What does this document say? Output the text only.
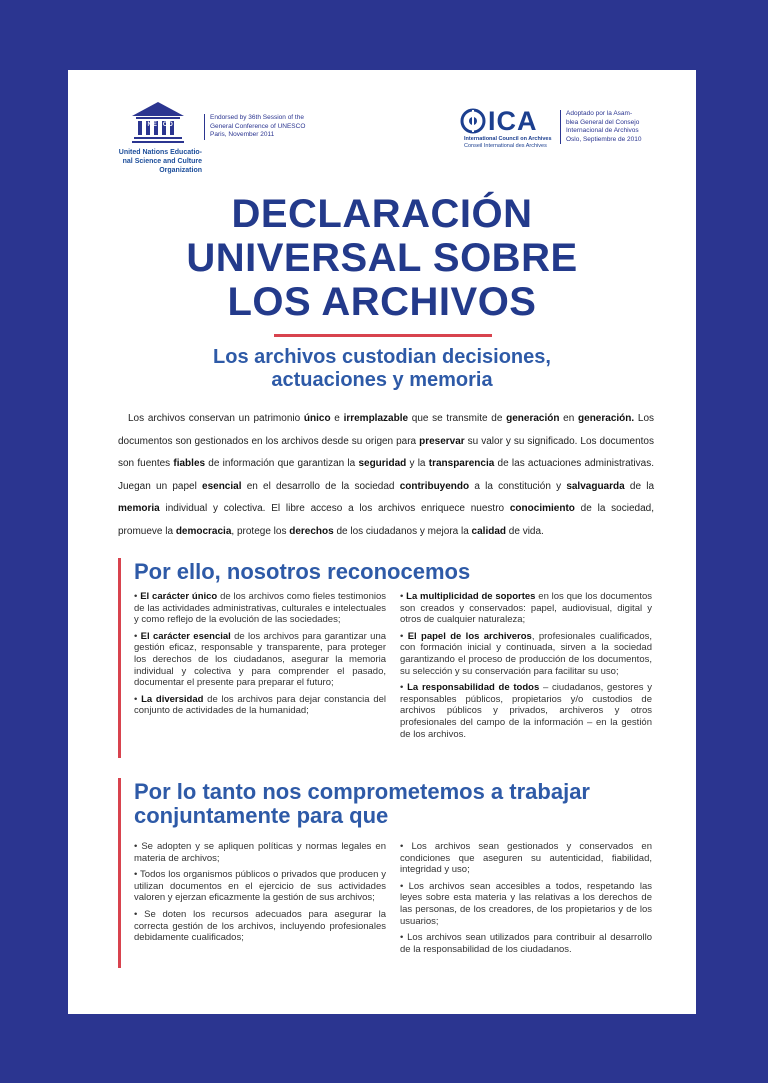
UNESCO
United Nations Educatio-
nal Science and Culture
Organization
Endorsed by 36th Session of the
General Conference of UNESCO
Paris, November 2011	ICA
International Council on Archives
Conseil International des Archives
Adoptado por la Asam-
blea General del Consejo
Internacional de Archivos
Oslo, Septiembre de 2010
DECLARACIÓN
UNIVERSAL SOBRE
LOS ARCHIVOS
Los archivos custodian decisiones,
actuaciones y memoria
Los archivos conservan un patrimonio único e irremplazable que se transmite de generación en generación. Los documentos son gestionados en los archivos desde su origen para preservar su valor y su significado. Los documentos son fuentes fiables de información que garantizan la seguridad y la transparencia de las actuaciones administrativas. Juegan un papel esencial en el desarrollo de la sociedad contribuyendo a la constitución y salvaguarda de la memoria individual y colectiva. El libre acceso a los archivos enriquece nuestro conocimiento de la sociedad, promueve la democracia, protege los derechos de los ciudadanos y mejora la calidad de vida.
Por ello, nosotros reconocemos

• El carácter único de los archivos como fieles testimonios de las actividades administrativas, culturales e intelectuales y como reflejo de la evolución de las sociedades;

• El carácter esencial de los archivos para garantizar una gestión eficaz, responsable y transparente, para proteger los derechos de los ciudadanos, asegurar la memoria individual y colectiva y para comprender el pasado, documentar el presente para preparar el futuro;

• La diversidad de los archivos para dejar constancia del conjunto de actividades de la humanidad;

• La multiplicidad de soportes en los que los documentos son creados y conservados: papel, audiovisual, digital y otros de cualquier naturaleza;

• El papel de los archiveros, profesionales cualificados, con formación inicial y continuada, sirven a la sociedad garantizando el proceso de producción de los documentos, su selección y su conservación para facilitar su uso;

• La responsabilidad de todos – ciudadanos, gestores y responsables públicos, propietarios y/o custodios de archivos públicos y privados, archiveros y otros profesionales del campo de la información – en la gestión de los archivos.

Por lo tanto nos comprometemos a trabajar
conjuntamente para que

• Se adopten y se apliquen políticas y normas legales en materia de archivos;

• Todos los organismos públicos o privados que producen y utilizan documentos en el ejercicio de sus actividades valoren y ejerzan eficazmente la gestión de sus archivos;

• Se doten los recursos adecuados para asegurar la correcta gestión de los archivos, incluyendo profesionales debidamente cualificados;

• Los archivos sean gestionados y conservados en condiciones que aseguren su autenticidad, fiabilidad, integridad y uso;

• Los archivos sean accesibles a todos, respetando las leyes sobre esta materia y las relativas a los derechos de las personas, de los creadores, de los propietarios y de los usuarios;

• Los archivos sean utilizados para contribuir al desarrollo de la responsabilidad de los ciudadanos.
